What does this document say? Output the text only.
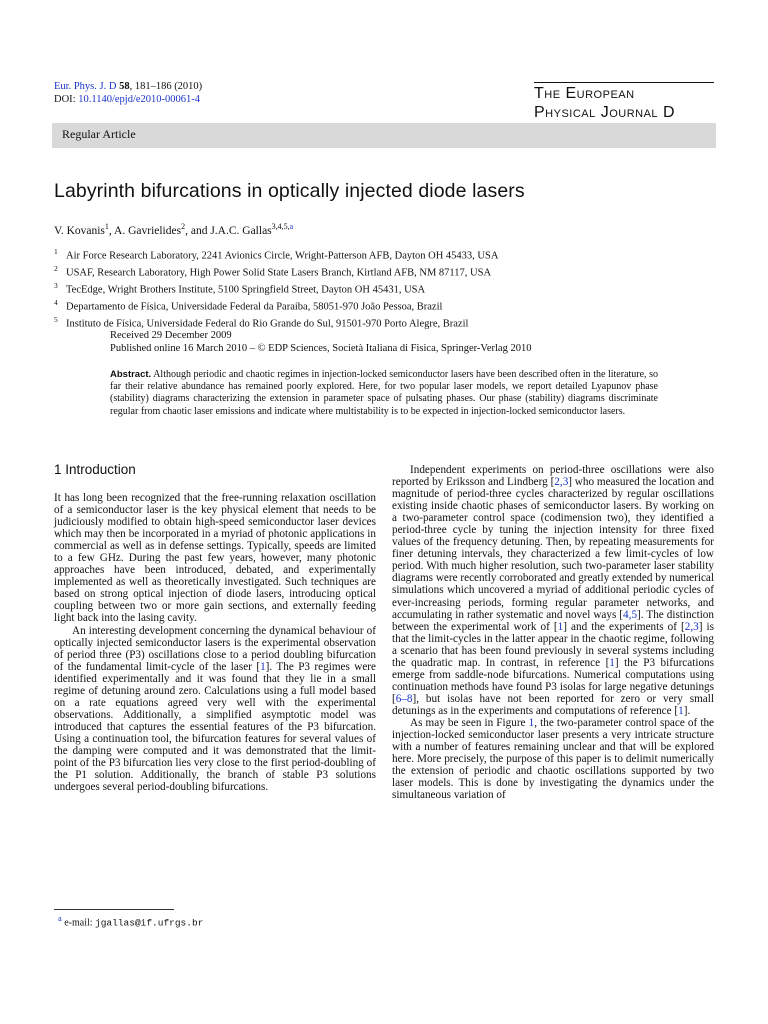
Eur. Phys. J. D 58, 181–186 (2010)
DOI: 10.1140/epjd/e2010-00061-4	The European
Physical Journal D
Regular Article
Labyrinth bifurcations in optically injected diode lasers
V. Kovanis$^1$, A. Gavrielides$^2$, and J.A.C. Gallas$^{3,4,5,a}$
$^1$ Air Force Research Laboratory, 2241 Avionics Circle, Wright-Patterson AFB, Dayton OH 45433, USA
$^2$ USAF, Research Laboratory, High Power Solid State Lasers Branch, Kirtland AFB, NM 87117, USA
$^3$ TecEdge, Wright Brothers Institute, 5100 Springfield Street, Dayton OH 45431, USA
$^4$ Departamento de Física, Universidade Federal da Paraíba, 58051-970 João Pessoa, Brazil
$^5$ Instituto de Física, Universidade Federal do Rio Grande do Sul, 91501-970 Porto Alegre, Brazil
Received 29 December 2009
Published online 16 March 2010 – © EDP Sciences, Società Italiana di Fisica, Springer-Verlag 2010
Abstract. Although periodic and chaotic regimes in injection-locked semiconductor lasers have been described often in the literature, so far their relative abundance has remained poorly explored. Here, for two popular laser models, we report detailed Lyapunov phase (stability) diagrams characterizing the extension in parameter space of pulsating phases. Our phase (stability) diagrams discriminate regular from chaotic laser emissions and indicate where multistability is to be expected in injection-locked semiconductor lasers.
1 Introduction

It has long been recognized that the free-running relaxation oscillation of a semiconductor laser is the key physical element that needs to be judiciously modified to obtain high-speed semiconductor laser devices which may then be incorporated in a myriad of photonic applications in commercial as well as in defense settings. Typically, speeds are limited to a few GHz. During the past few years, however, many photonic approaches have been introduced, debated, and experimentally implemented as well as theoretically investigated. Such techniques are based on strong optical injection of diode lasers, introducing optical coupling between two or more gain sections, and externally feeding light back into the lasing cavity.

An interesting development concerning the dynamical behaviour of optically injected semiconductor lasers is the experimental observation of period three (P3) oscillations close to a period doubling bifurcation of the fundamental limit-cycle of the laser [1]. The P3 regimes were identified experimentally and it was found that they lie in a small regime of detuning around zero. Calculations using a full model based on a rate equations agreed very well with the experimental observations. Additionally, a simplified asymptotic model was introduced that captures the essential features of the P3 bifurcation. Using a continuation tool, the bifurcation features for several values of the damping were computed and it was demonstrated that the limit-point of the P3 bifurcation lies very close to the first period-doubling of the P1 solution. Additionally, the branch of stable P3 solutions undergoes several period-doubling bifurcations.

Independent experiments on period-three oscillations were also reported by Eriksson and Lindberg [2,3] who measured the location and magnitude of period-three cycles characterized by regular oscillations existing inside chaotic phases of semiconductor lasers. By working on a two-parameter control space (codimension two), they identified a period-three cycle by tuning the injection intensity for three fixed values of the frequency detuning. Then, by repeating measurements for finer detuning intervals, they characterized a few limit-cycles of low period. With much higher resolution, such two-parameter laser stability diagrams were recently corroborated and greatly extended by numerical simulations which uncovered a myriad of additional periodic cycles of ever-increasing periods, forming regular parameter networks, and accumulating in rather systematic and novel ways [4,5]. The distinction between the experimental work of [1] and the experiments of [2,3] is that the limit-cycles in the latter appear in the chaotic regime, following a scenario that has been found previously in several systems including the quadratic map. In contrast, in reference [1] the P3 bifurcations emerge from saddle-node bifurcations. Numerical computations using continuation methods have found P3 isolas for large negative detunings [6–8], but isolas have not been reported for zero or very small detunings as in the experiments and computations of reference [1].

As may be seen in Figure 1, the two-parameter control space of the injection-locked semiconductor laser presents a very intricate structure with a number of features remaining unclear and that will be explored here. More precisely, the purpose of this paper is to delimit numerically the extension of periodic and chaotic oscillations supported by two laser models. This is done by investigating the dynamics under the simultaneous variation of

$^a$ e-mail: jgallas@if.ufrgs.br
